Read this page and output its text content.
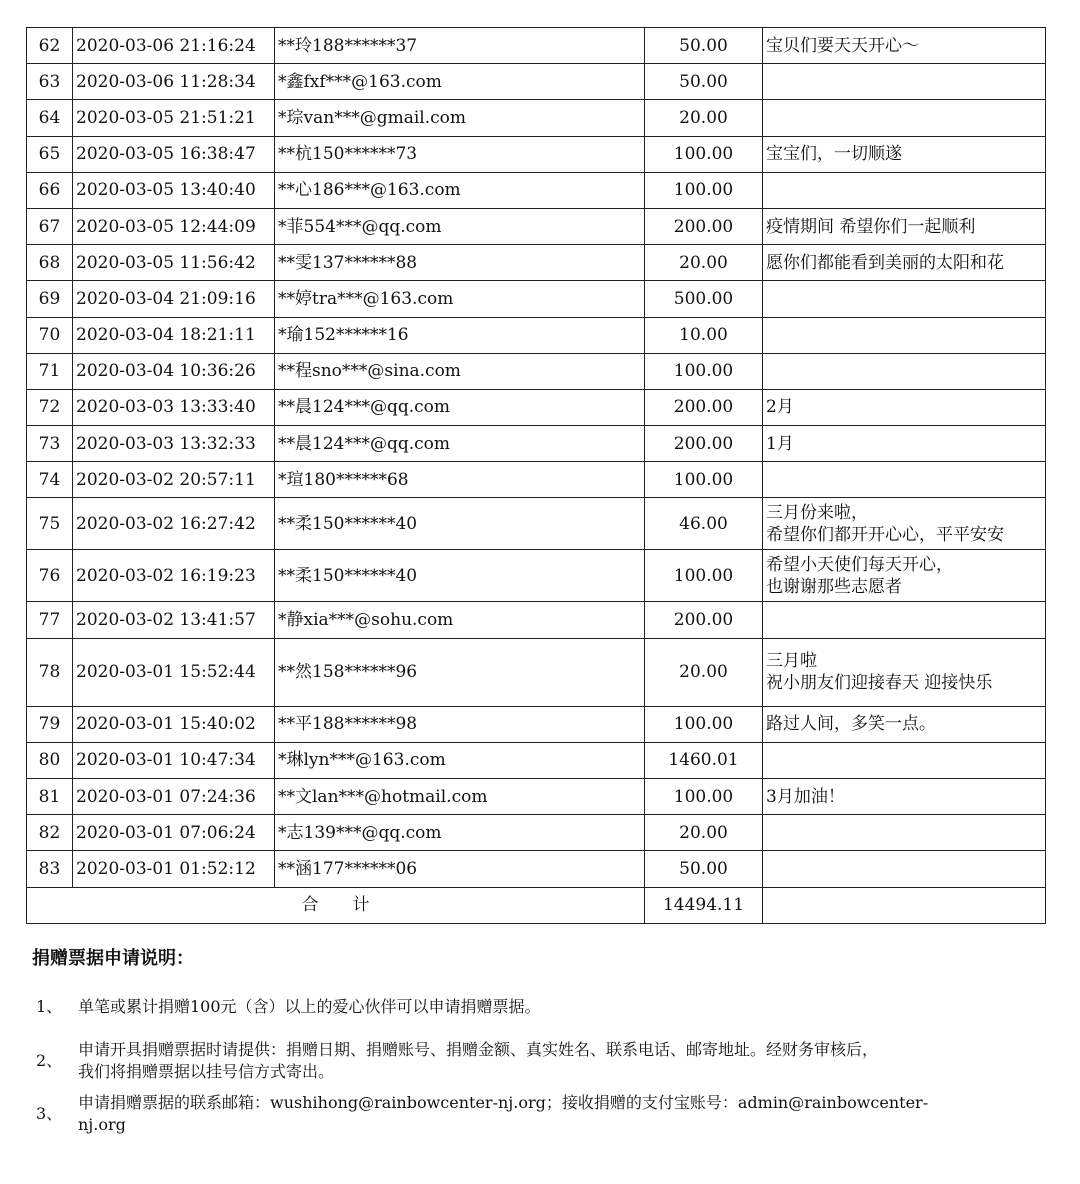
62	2020-03-06 21:16:24	**玲188******37	50.00	宝贝们要天天开心～
63	2020-03-06 11:28:34	*鑫fxf***@163.com	50.00	
64	2020-03-05 21:51:21	*琮van***@gmail.com	20.00	
65	2020-03-05 16:38:47	**杭150******73	100.00	宝宝们，一切顺遂
66	2020-03-05 13:40:40	**心186***@163.com	100.00	
67	2020-03-05 12:44:09	*菲554***@qq.com	200.00	疫情期间 希望你们一起顺利
68	2020-03-05 11:56:42	**雯137******88	20.00	愿你们都能看到美丽的太阳和花
69	2020-03-04 21:09:16	**婷tra***@163.com	500.00	
70	2020-03-04 18:21:11	*瑜152******16	10.00	
71	2020-03-04 10:36:26	**程sno***@sina.com	100.00	
72	2020-03-03 13:33:40	**晨124***@qq.com	200.00	2月
73	2020-03-03 13:32:33	**晨124***@qq.com	200.00	1月
74	2020-03-02 20:57:11	*瑄180******68	100.00	
75	2020-03-02 16:27:42	**柔150******40	46.00	三月份来啦，
希望你们都开开心心，平平安安
76	2020-03-02 16:19:23	**柔150******40	100.00	希望小天使们每天开心，
也谢谢那些志愿者
77	2020-03-02 13:41:57	*静xia***@sohu.com	200.00	
78	2020-03-01 15:52:44	**然158******96	20.00	三月啦
祝小朋友们迎接春天 迎接快乐
79	2020-03-01 15:40:02	**平188******98	100.00	路过人间，多笑一点。
80	2020-03-01 10:47:34	*琳lyn***@163.com	1460.01	
81	2020-03-01 07:24:36	**文lan***@hotmail.com	100.00	3月加油！
82	2020-03-01 07:06:24	*志139***@qq.com	20.00	
83	2020-03-01 01:52:12	**涵177******06	50.00	
合　　计			14494.11	
捐赠票据申请说明：
1、 单笔或累计捐赠100元（含）以上的爱心伙伴可以申请捐赠票据。
2、
申请开具捐赠票据时请提供：捐赠日期、捐赠账号、捐赠金额、真实姓名、联系电话、邮寄地址。经财务审核后，
我们将捐赠票据以挂号信方式寄出。
3、
申请捐赠票据的联系邮箱：wushihong@rainbowcenter-nj.org；接收捐赠的支付宝账号：admin@rainbowcenter-
nj.org
